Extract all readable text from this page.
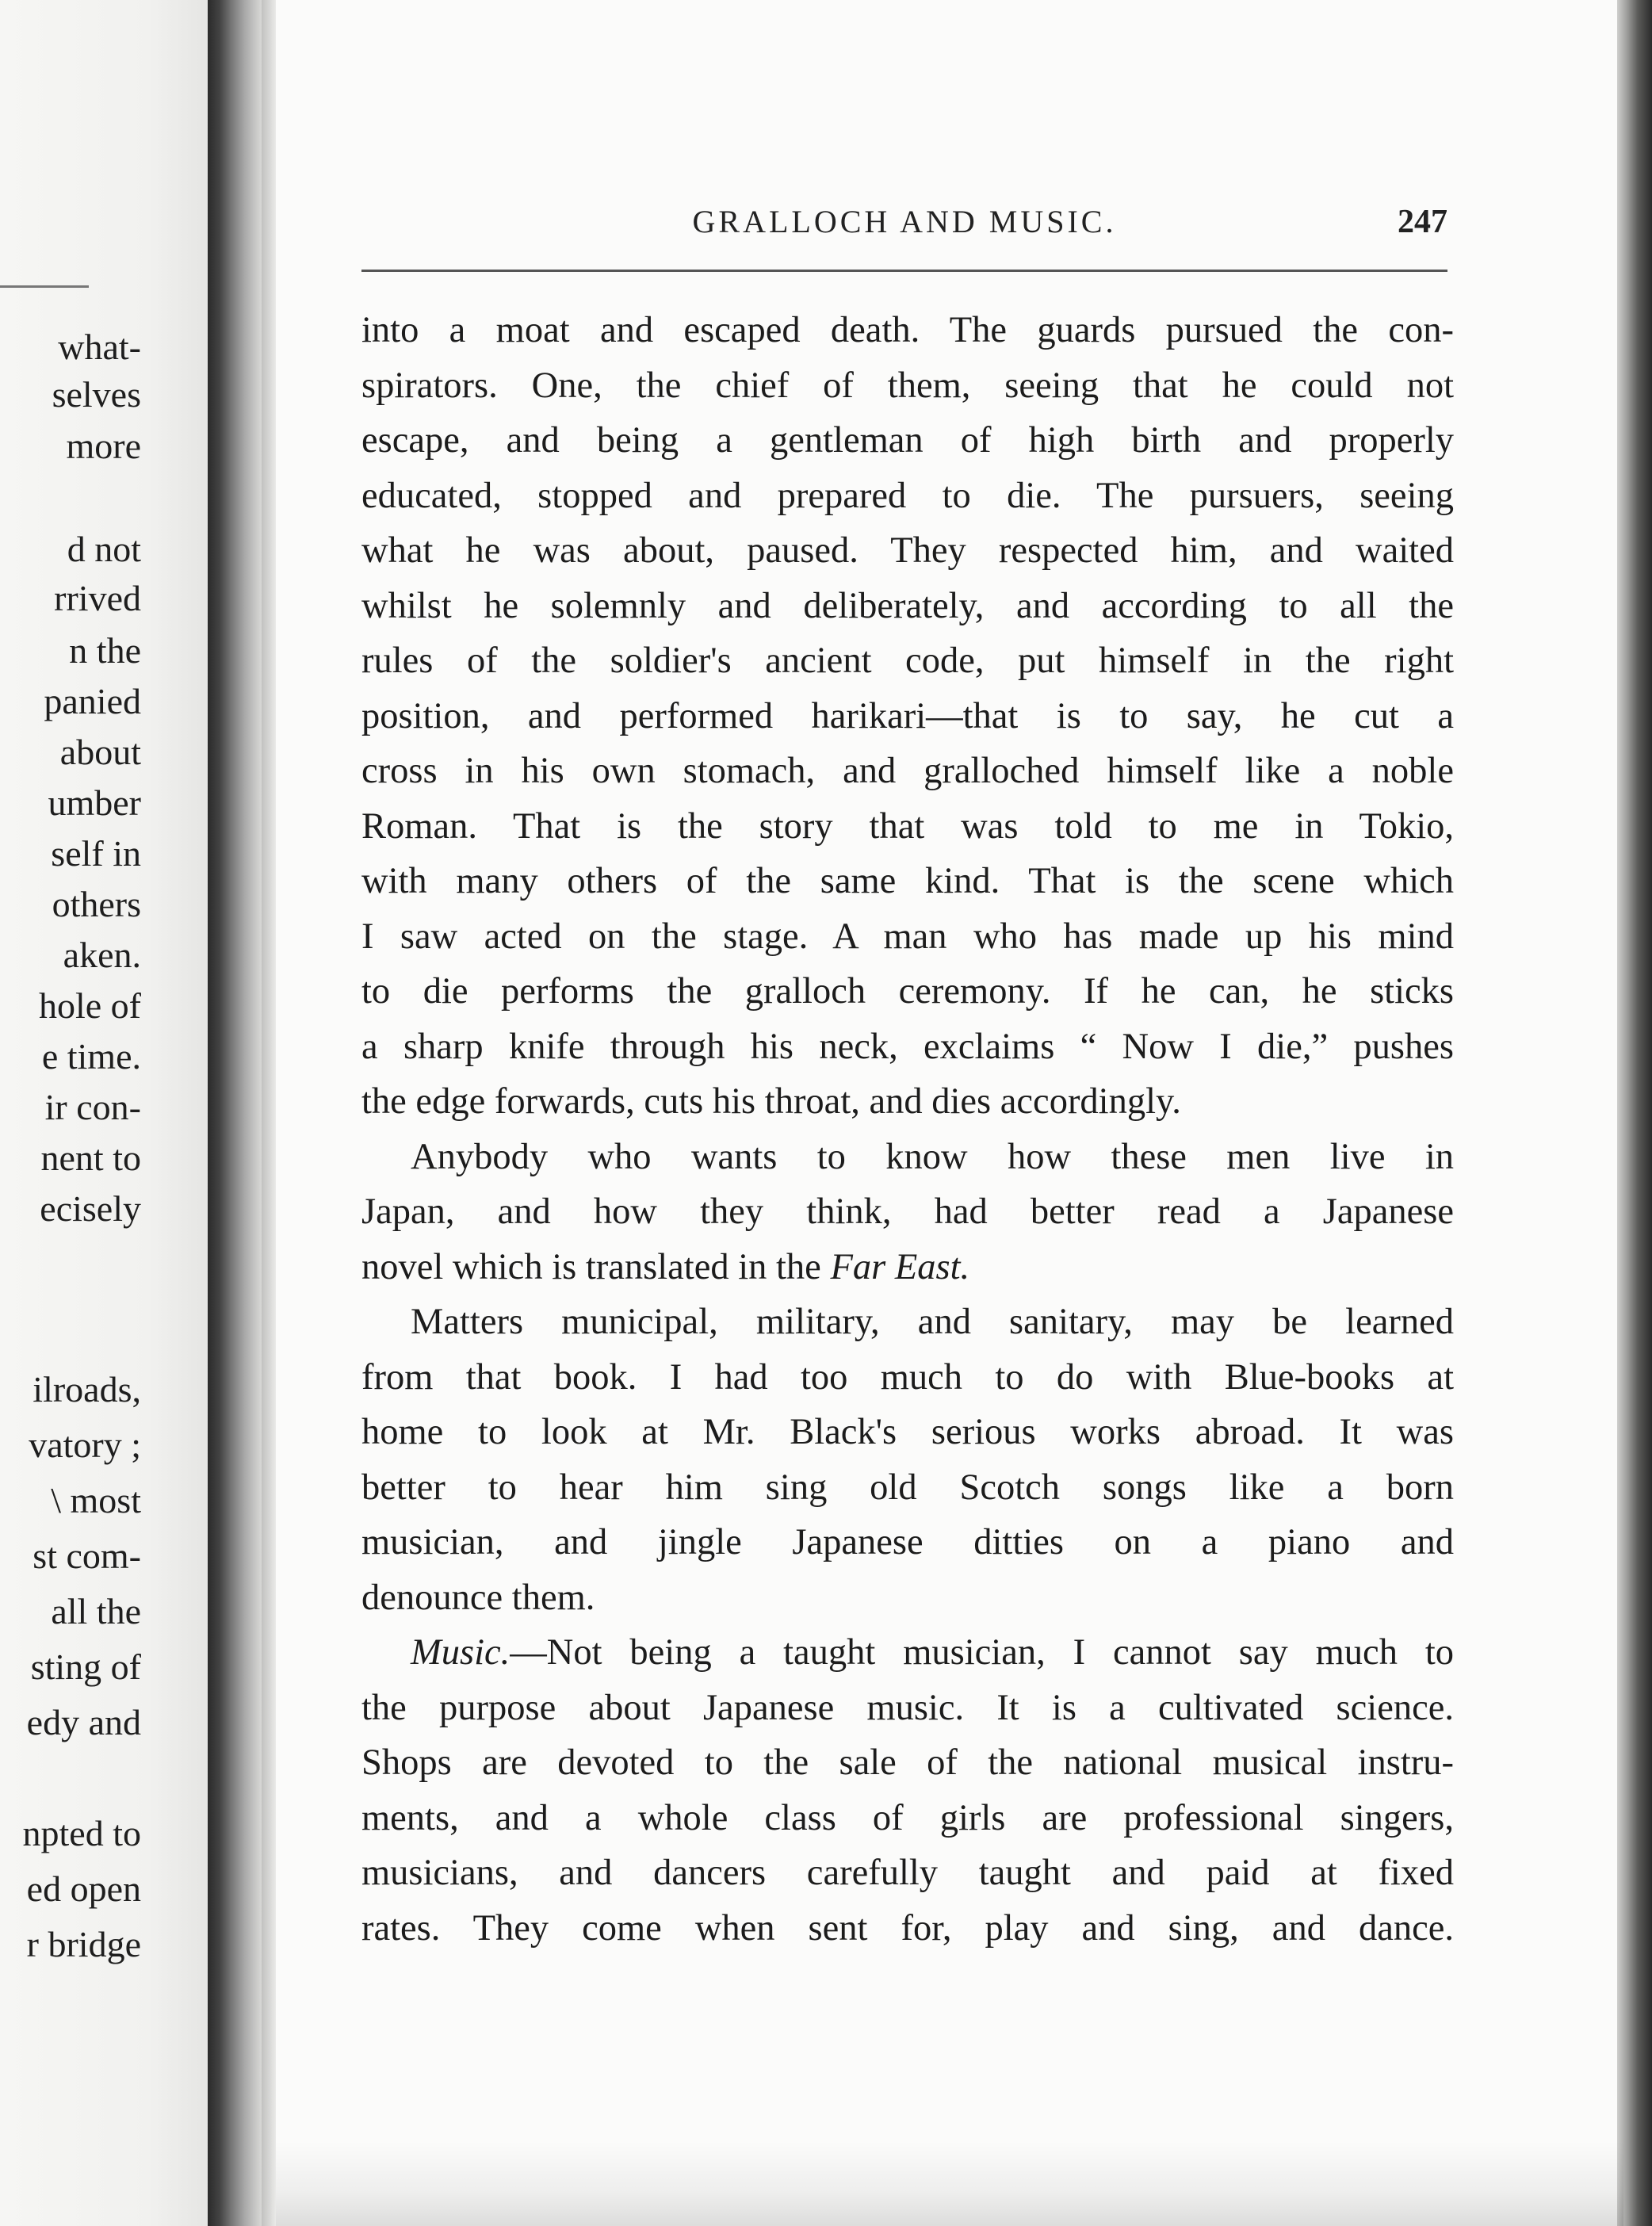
what-
selves
more
d not
rrived
n the
panied
about
umber
self in
others
aken.
hole of
e time.
ir con-
nent to
ecisely
ilroads,
vatory ;
\ most
st com-
all the
sting of
edy and
npted to
ed open
r bridge
GRALLOCH AND MUSIC.	247
into a moat and escaped death. The guards pursued the con-
spirators. One, the chief of them, seeing that he could not
escape, and being a gentleman of high birth and properly
educated, stopped and prepared to die. The pursuers, seeing
what he was about, paused. They respected him, and waited
whilst he solemnly and deliberately, and according to all the
rules of the soldier's ancient code, put himself in the right
position, and performed harikari—that is to say, he cut a
cross in his own stomach, and gralloched himself like a noble
Roman. That is the story that was told to me in Tokio,
with many others of the same kind. That is the scene which
I saw acted on the stage. A man who has made up his mind
to die performs the gralloch ceremony. If he can, he sticks
a sharp knife through his neck, exclaims “ Now I die,” pushes
the edge forwards, cuts his throat, and dies accordingly.
Anybody who wants to know how these men live in
Japan, and how they think, had better read a Japanese
novel which is translated in the Far East.
Matters municipal, military, and sanitary, may be learned
from that book. I had too much to do with Blue-books at
home to look at Mr. Black's serious works abroad. It was
better to hear him sing old Scotch songs like a born
musician, and jingle Japanese ditties on a piano and
denounce them.
Music.—Not being a taught musician, I cannot say much to
the purpose about Japanese music. It is a cultivated science.
Shops are devoted to the sale of the national musical instru-
ments, and a whole class of girls are professional singers,
musicians, and dancers carefully taught and paid at fixed
rates. They come when sent for, play and sing, and dance.
